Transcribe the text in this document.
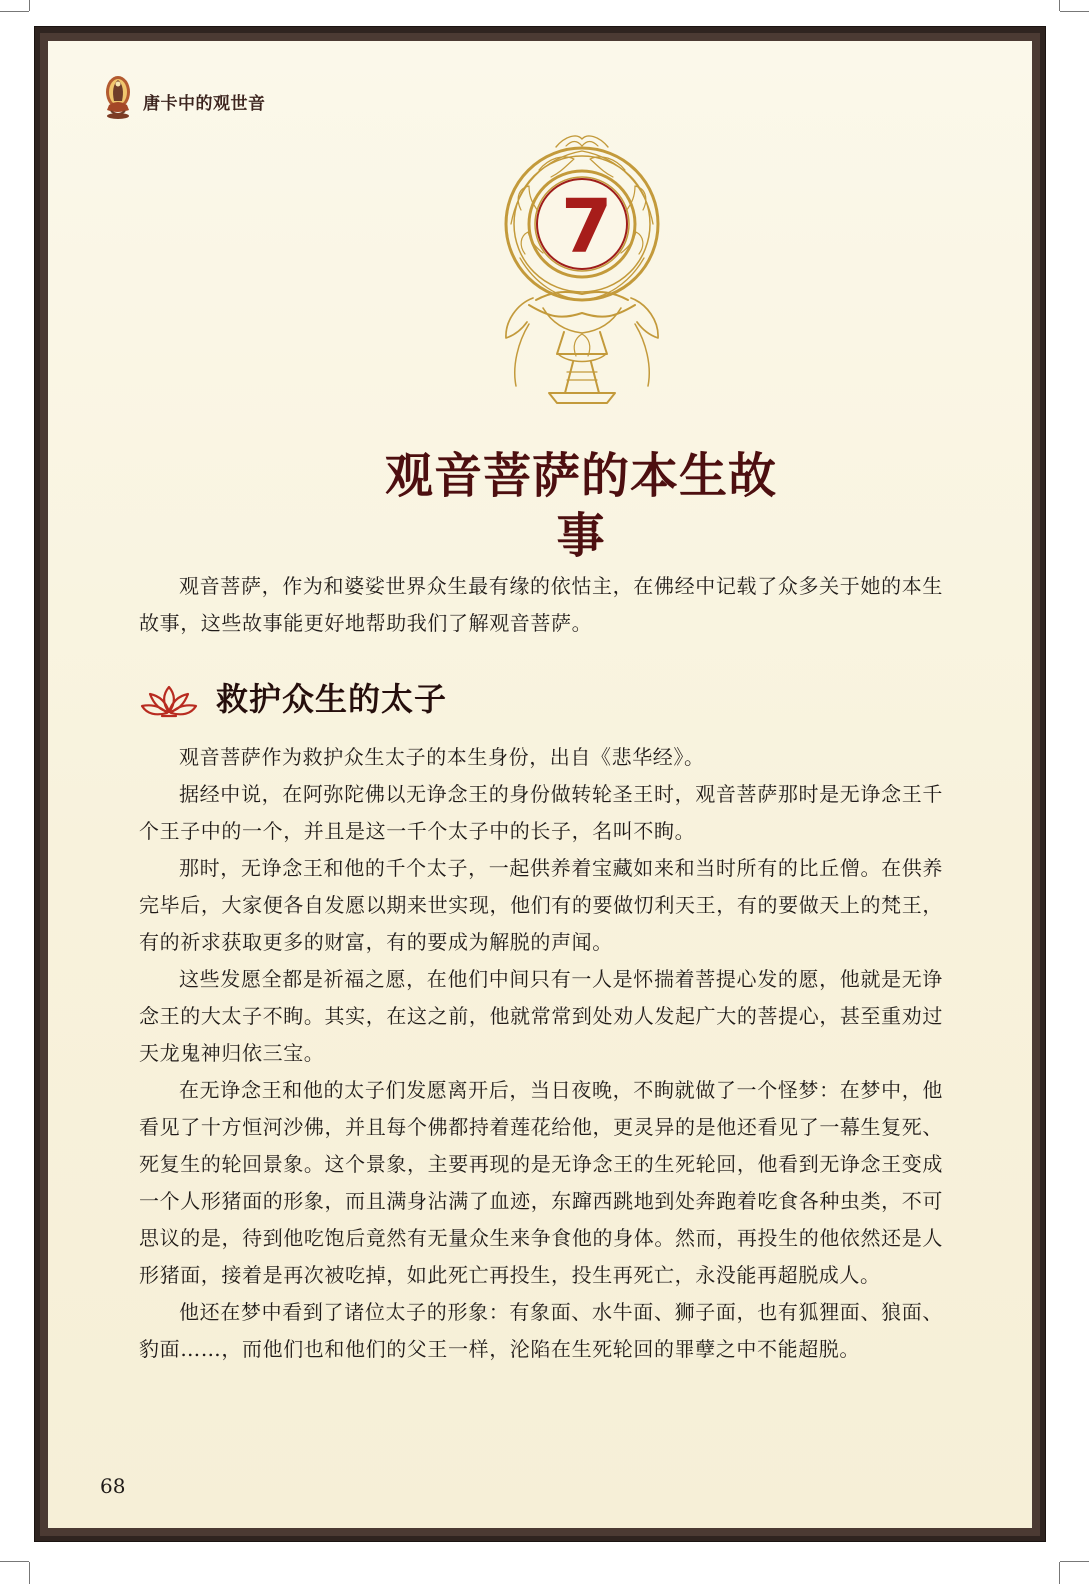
唐卡中的观世音
7
观音菩萨的本生故事

观音菩萨，作为和婆娑世界众生最有缘的依怙主，在佛经中记载了众多关于她的本生故事，这些故事能更好地帮助我们了解观音菩萨。

救护众生的太子

观音菩萨作为救护众生太子的本生身份，出自《悲华经》。

据经中说，在阿弥陀佛以无诤念王的身份做转轮圣王时，观音菩萨那时是无诤念王千个王子中的一个，并且是这一千个太子中的长子，名叫不眴。

那时，无诤念王和他的千个太子，一起供养着宝藏如来和当时所有的比丘僧。在供养完毕后，大家便各自发愿以期来世实现，他们有的要做忉利天王，有的要做天上的梵王，有的祈求获取更多的财富，有的要成为解脱的声闻。

这些发愿全都是祈福之愿，在他们中间只有一人是怀揣着菩提心发的愿，他就是无诤念王的大太子不眴。其实，在这之前，他就常常到处劝人发起广大的菩提心，甚至重劝过天龙鬼神归依三宝。

在无诤念王和他的太子们发愿离开后，当日夜晚，不眴就做了一个怪梦：在梦中，他看见了十方恒河沙佛，并且每个佛都持着莲花给他，更灵异的是他还看见了一幕生复死、死复生的轮回景象。这个景象，主要再现的是无诤念王的生死轮回，他看到无诤念王变成一个人形猪面的形象，而且满身沾满了血迹，东蹿西跳地到处奔跑着吃食各种虫类，不可思议的是，待到他吃饱后竟然有无量众生来争食他的身体。然而，再投生的他依然还是人形猪面，接着是再次被吃掉，如此死亡再投生，投生再死亡，永没能再超脱成人。

他还在梦中看到了诸位太子的形象：有象面、水牛面、狮子面，也有狐狸面、狼面、豹面……，而他们也和他们的父王一样，沦陷在生死轮回的罪孽之中不能超脱。

68
